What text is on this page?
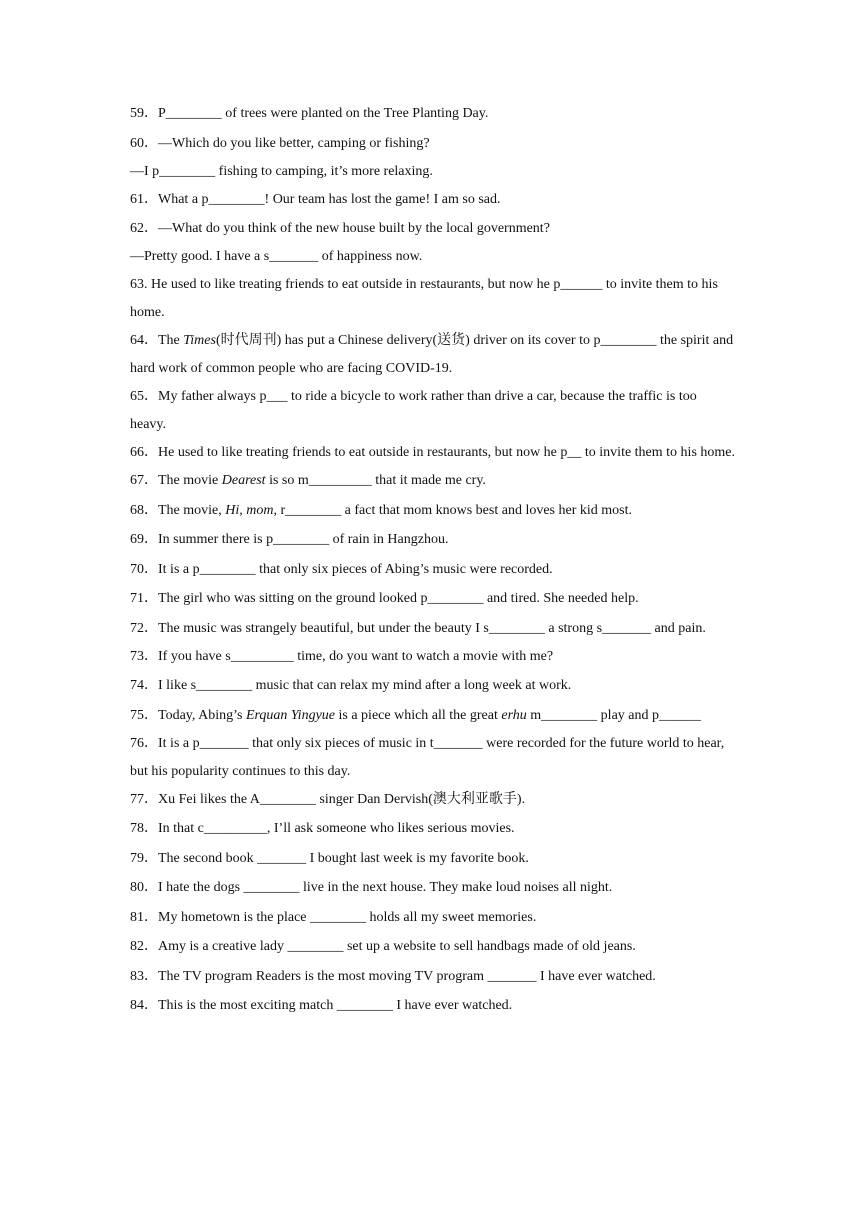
59．P________ of trees were planted on the Tree Planting Day.
60．—Which do you like better, camping or fishing?
—I p________ fishing to camping, it’s more relaxing.
61．What a p________! Our team has lost the game! I am so sad.
62．—What do you think of the new house built by the local government?
—Pretty good. I have a s_______ of happiness now.
63. He used to like treating friends to eat outside in restaurants, but now he p______ to invite them to his home.
64．The Times(时代周刊) has put a Chinese delivery(送货) driver on its cover to p________ the spirit and hard work of common people who are facing COVID-19.
65．My father always p___ to ride a bicycle to work rather than drive a car, because the traffic is too heavy.
66．He used to like treating friends to eat outside in restaurants, but now he p__ to invite them to his home.
67．The movie Dearest is so m_________ that it made me cry.
68．The movie, Hi, mom, r________ a fact that mom knows best and loves her kid most.
69．In summer there is p________ of rain in Hangzhou.
70．It is a p________ that only six pieces of Abing’s music were recorded.
71．The girl who was sitting on the ground looked p________ and tired. She needed help.
72．The music was strangely beautiful, but under the beauty I s________ a strong s_______ and pain.
73．If you have s_________ time, do you want to watch a movie with me?
74．I like s________ music that can relax my mind after a long week at work.
75．Today, Abing’s Erquan Yingyue is a piece which all the great erhu m________ play and p______
76．It is a p_______ that only six pieces of music in t_______ were recorded for the future world to hear, but his popularity continues to this day.
77．Xu Fei likes the A________ singer Dan Dervish(澳大利亚歌手).
78．In that c_________, I’ll ask someone who likes serious movies.
79．The second book _______ I bought last week is my favorite book.
80．I hate the dogs ________ live in the next house. They make loud noises all night.
81．My hometown is the place ________ holds all my sweet memories.
82．Amy is a creative lady ________ set up a website to sell handbags made of old jeans.
83．The TV program Readers is the most moving TV program _______ I have ever watched.
84．This is the most exciting match ________ I have ever watched.
